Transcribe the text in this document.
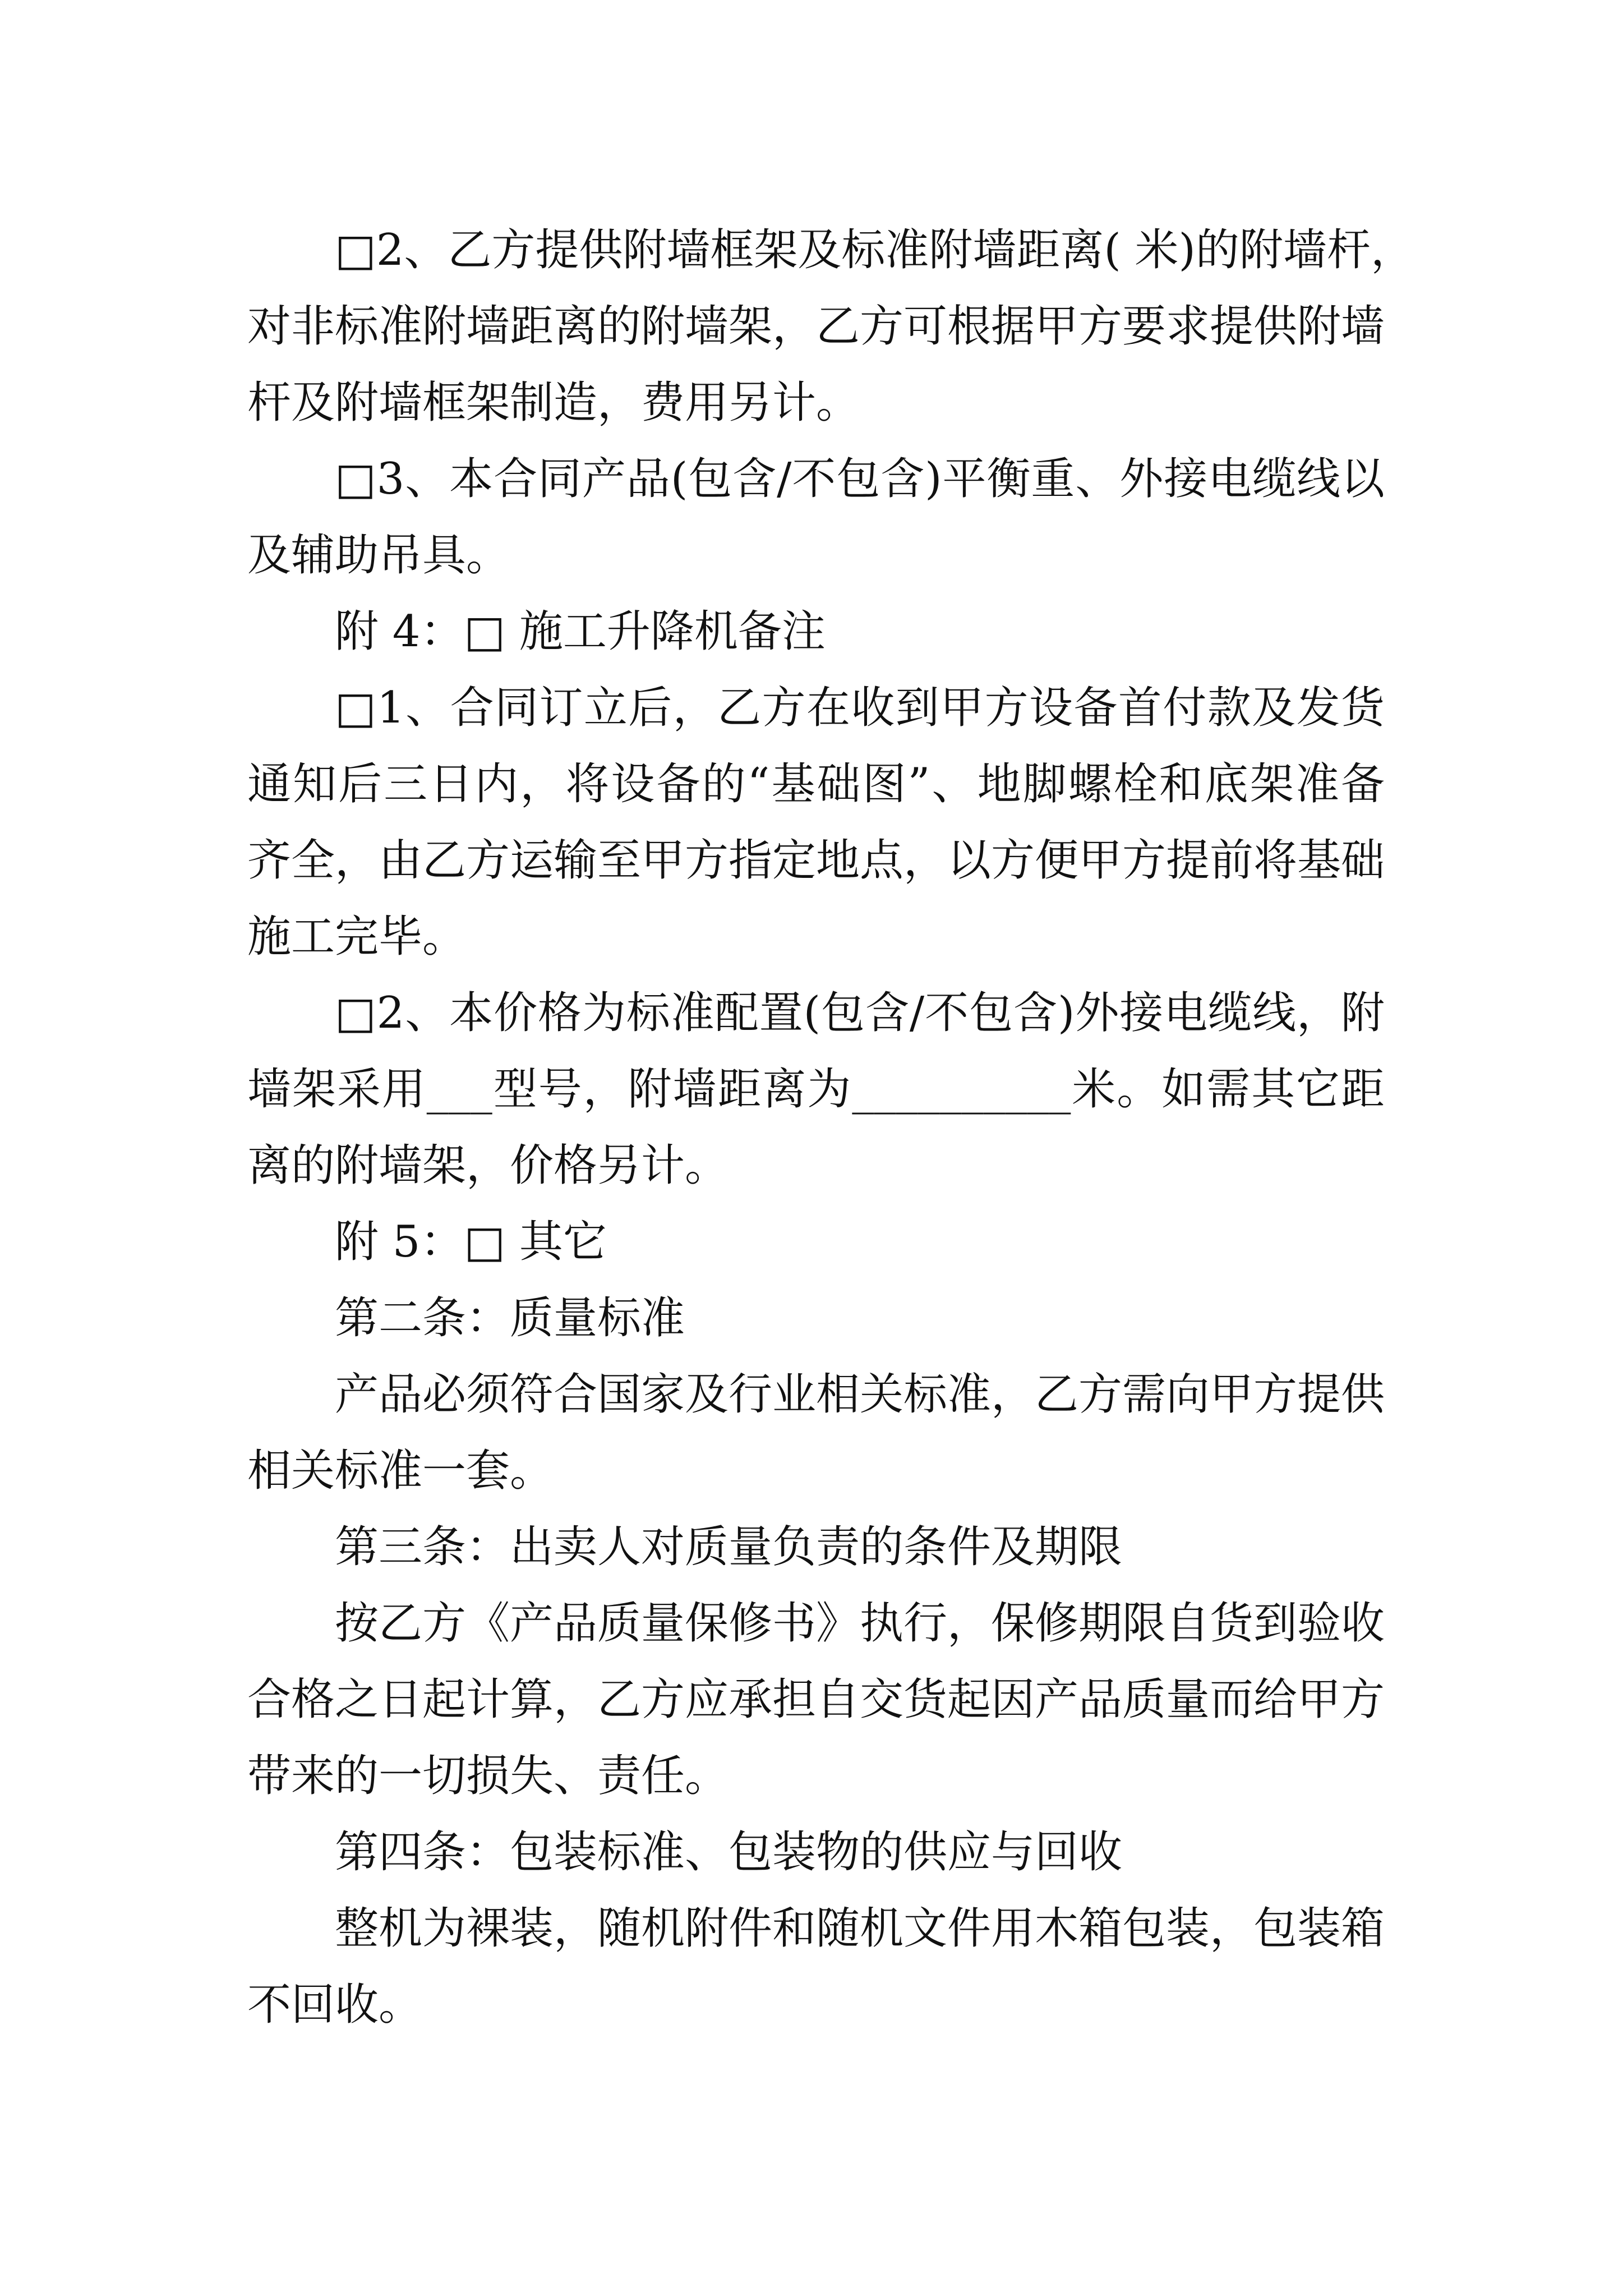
□2、乙方提供附墙框架及标准附墙距离( 米)的附墙杆，
对非标准附墙距离的附墙架，乙方可根据甲方要求提供附墙
杆及附墙框架制造，费用另计。
□3、本合同产品(包含/不包含)平衡重、外接电缆线以
及辅助吊具。
附 4：□ 施工升降机备注
□1、合同订立后，乙方在收到甲方设备首付款及发货
通知后三日内，将设备的“基础图”、地脚螺栓和底架准备
齐全，由乙方运输至甲方指定地点，以方便甲方提前将基础
施工完毕。
□2、本价格为标准配置(包含/不包含)外接电缆线，附
墙架采用___型号，附墙距离为__________米。如需其它距
离的附墙架，价格另计。
附 5：□ 其它
第二条：质量标准
产品必须符合国家及行业相关标准，乙方需向甲方提供
相关标准一套。
第三条：出卖人对质量负责的条件及期限
按乙方《产品质量保修书》执行，保修期限自货到验收
合格之日起计算，乙方应承担自交货起因产品质量而给甲方
带来的一切损失、责任。
第四条：包装标准、包装物的供应与回收
整机为裸装，随机附件和随机文件用木箱包装，包装箱
不回收。
